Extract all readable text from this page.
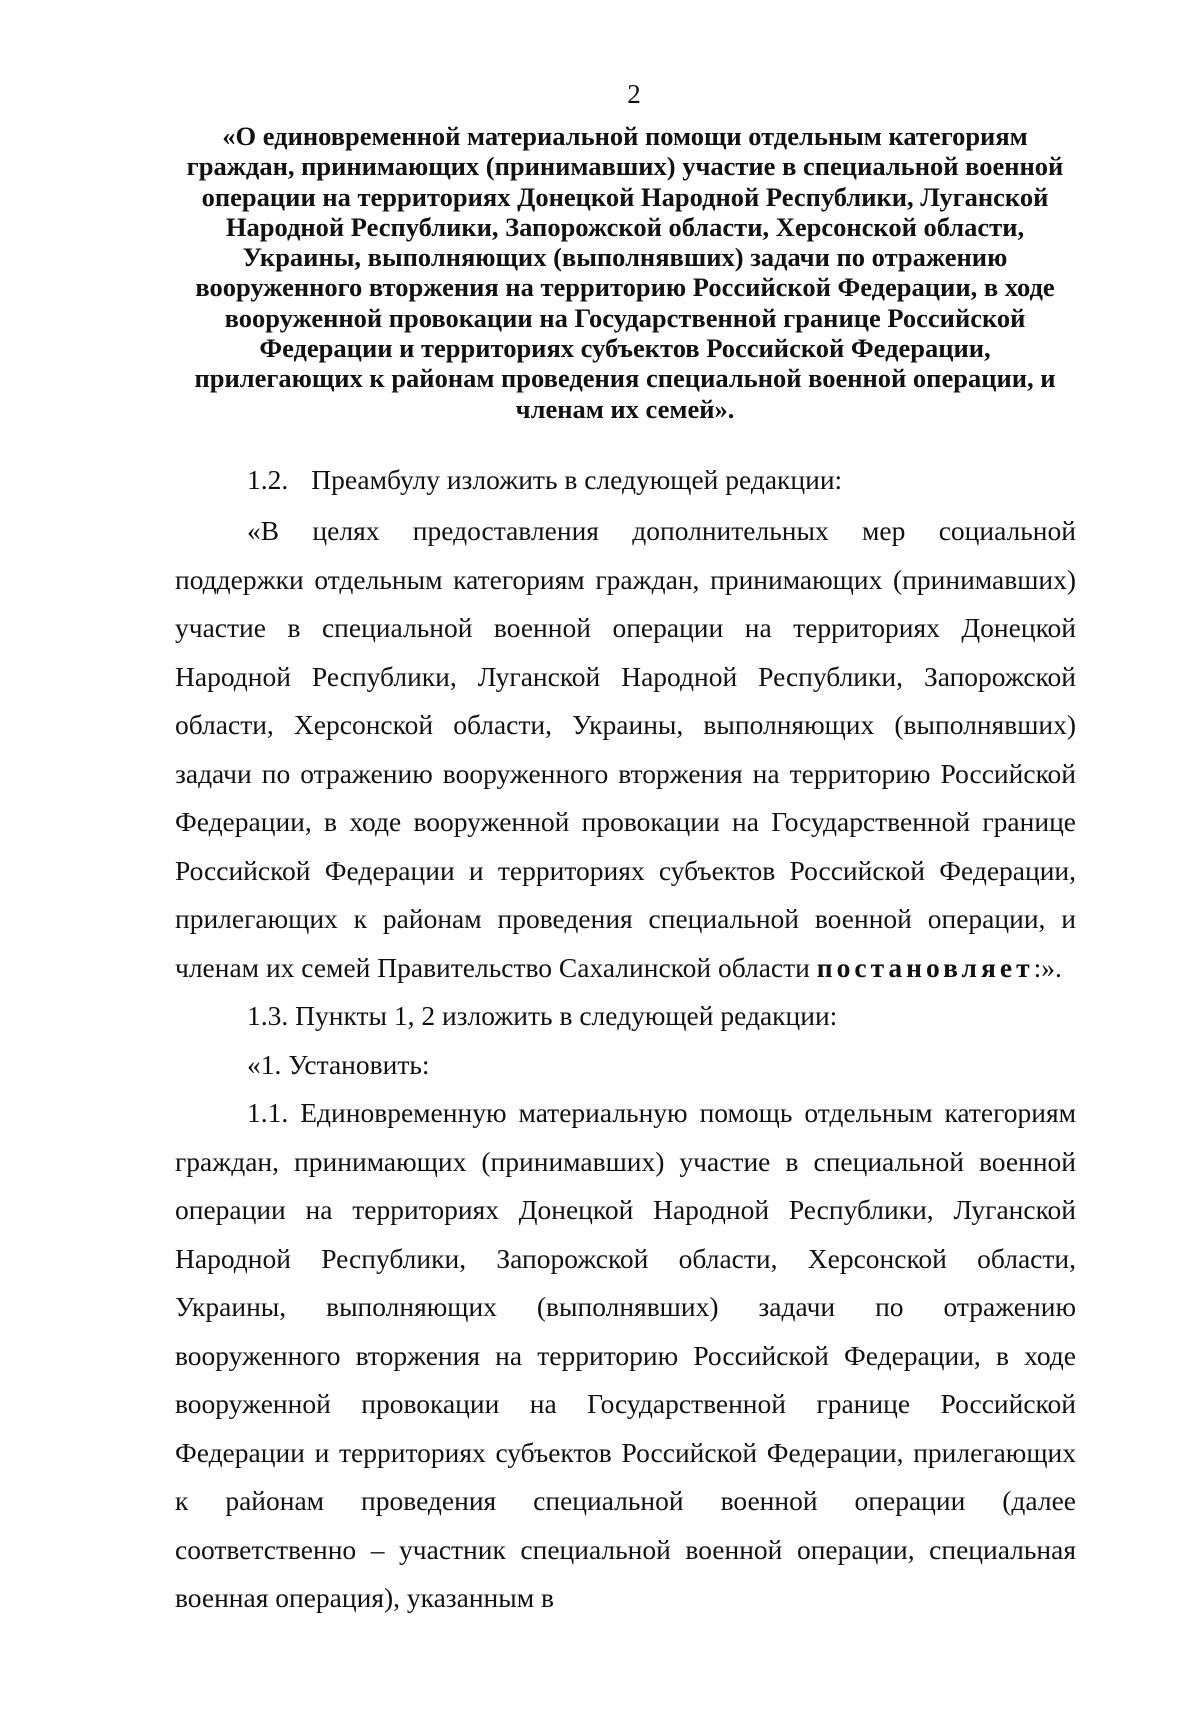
2

«О единовременной материальной помощи отдельным категориям граждан, принимающих (принимавших) участие в специальной военной операции на территориях Донецкой Народной Республики, Луганской Народной Республики, Запорожской области, Херсонской области, Украины, выполняющих (выполнявших) задачи по отражению вооруженного вторжения на территорию Российской Федерации, в ходе вооруженной провокации на Государственной границе Российской Федерации и территориях субъектов Российской Федерации, прилегающих к районам проведения специальной военной операции, и членам их семей».

1.2. Преамбулу изложить в следующей редакции:

«В целях предоставления дополнительных мер социальной поддержки отдельным категориям граждан, принимающих (принимавших) участие в специальной военной операции на территориях Донецкой Народной Республики, Луганской Народной Республики, Запорожской области, Херсонской области, Украины, выполняющих (выполнявших) задачи по отражению вооруженного вторжения на территорию Российской Федерации, в ходе вооруженной провокации на Государственной границе Российской Федерации и территориях субъектов Российской Федерации, прилегающих к районам проведения специальной военной операции, и членам их семей Правительство Сахалинской области постановляет:».

1.3. Пункты 1, 2 изложить в следующей редакции:

«1. Установить:

1.1. Единовременную материальную помощь отдельным категориям граждан, принимающих (принимавших) участие в специальной военной операции на территориях Донецкой Народной Республики, Луганской Народной Республики, Запорожской области, Херсонской области, Украины, выполняющих (выполнявших) задачи по отражению вооруженного вторжения на территорию Российской Федерации, в ходе вооруженной провокации на Государственной границе Российской Федерации и территориях субъектов Российской Федерации, прилегающих к районам проведения специальной военной операции (далее соответственно – участник специальной военной операции, специальная военная операция), указанным в
